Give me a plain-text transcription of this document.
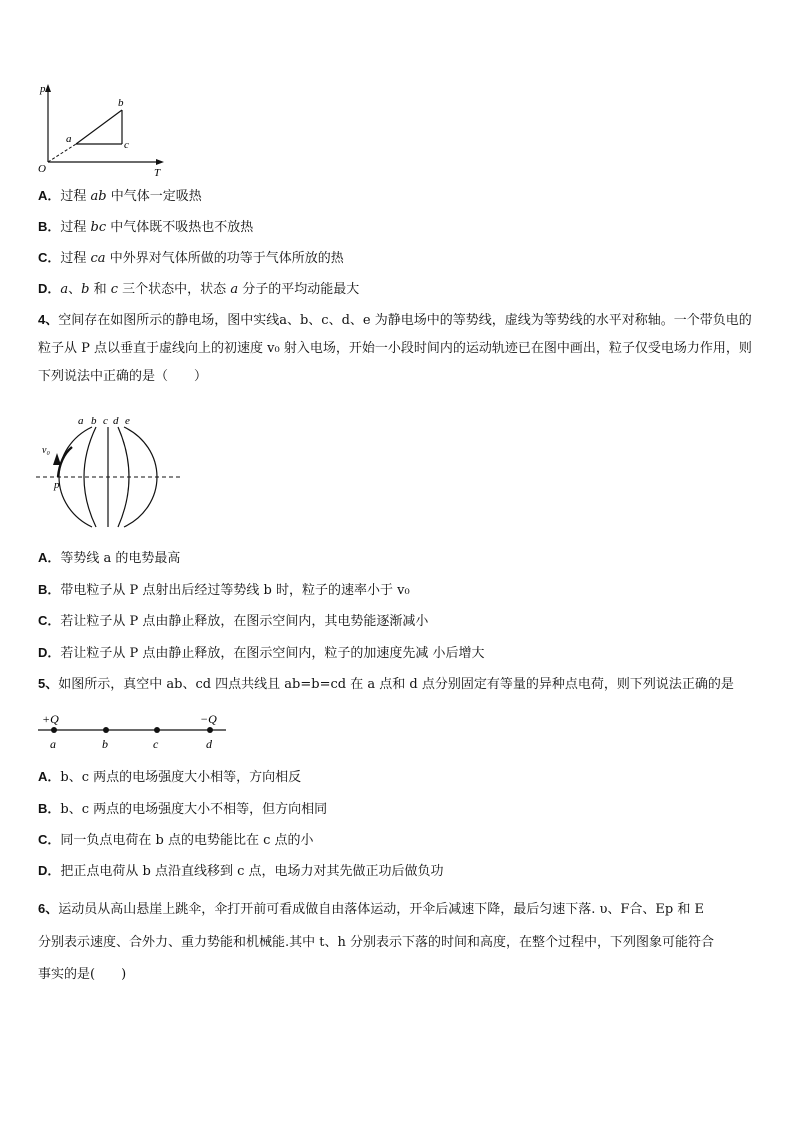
p
T
O
a
b
c
A．过程 ab 中气体一定吸热
B．过程 bc 中气体既不吸热也不放热
C．过程 ca 中外界对气体所做的功等于气体所放的热
D．a、b 和 c 三个状态中，状态 a 分子的平均动能最大
4、空间存在如图所示的静电场，图中实线a、b、c、d、e 为静电场中的等势线，虚线为等势线的水平对称轴。一个带负电的粒子从 P 点以垂直于虚线向上的初速度 v₀ 射入电场，开始一小段时间内的运动轨迹已在图中画出，粒子仅受电场力作用，则下列说法中正确的是（　　）
a b c d e
v₀
p
A．等势线 a 的电势最高
B．带电粒子从 P 点射出后经过等势线 b 时，粒子的速率小于 v₀
C．若让粒子从 P 点由静止释放，在图示空间内，其电势能逐渐减小
D．若让粒子从 P 点由静止释放，在图示空间内，粒子的加速度先减 小后增大
5、如图所示，真空中 ab、cd 四点共线且 ab=b=cd 在 a 点和 d 点分别固定有等量的异种点电荷，则下列说法正确的是
+Q	−Q
a	b	c	d
A．b、c 两点的电场强度大小相等，方向相反
B．b、c 两点的电场强度大小不相等，但方向相同
C．同一负点电荷在 b 点的电势能比在 c 点的小
D．把正点电荷从 b 点沿直线移到 c 点，电场力对其先做正功后做负功
6、运动员从高山悬崖上跳伞，伞打开前可看成做自由落体运动，开伞后减速下降，最后匀速下落. υ、F合、Ep 和 E
分别表示速度、合外力、重力势能和机械能.其中 t、h 分别表示下落的时间和高度，在整个过程中，下列图象可能符合
事实的是(　　)
